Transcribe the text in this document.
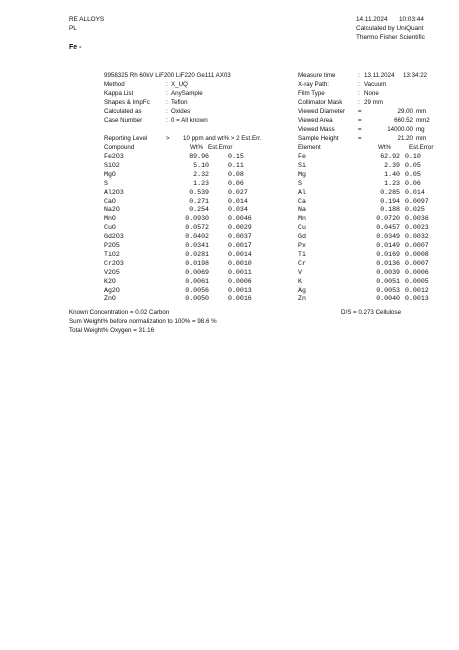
RE ALLOYS
PL
Fe -
14.11.2024 10:03:44
Calculated by UniQuant
Thermo Fisher Scientific
9958325 Rh 60kV LiF200 LiF220 Ge111 AX03
Method	: X_UQ
Kappa List	: AnySample
Shapes & ImpFc	: Teflon
Calculated as	: Oxides
Case Number	: 0 = All known
Measure time	: 13.11.2024 13:34:22
X-ray Path:	: Vacuum
Film Type	: None
Collimator Mask	: 29 mm
Viewed Diameter =	29.00 mm
Viewed Area	=	660.52 mm2
Viewed Mass	=	14000.00 mg
Sample Height	=	21.20 mm
Reporting Level	> 10 ppm and wt% > 2 Est.Err.
Compound	Wt% Est.Error	Element	Wt%	Est.Error
Fe2O3	89.96	0.15	Fe	62.92 0.10
SiO2	5.10	0.11	Si	2.39 0.05
MgO	2.32	0.08	Mg	1.40 0.05
S	1.23	0.06	S	1.23 0.06
Al2O3	0.539	0.027	Al	0.285 0.014
CaO	0.271	0.014	Ca	0.194 0.0097
Na2O	0.254	0.034	Na	0.188 0.025
MnO	0.0930	0.0046	Mn	0.0720 0.0036
CuO	0.0572	0.0029	Cu	0.0457 0.0023
Gd2O3	0.0402	0.0037	Gd	0.0349 0.0032
P2O5	0.0341	0.0017	Px	0.0149 0.0007
TiO2	0.0281	0.0014	Ti	0.0169 0.0008
Cr2O3	0.0198	0.0010	Cr	0.0136 0.0007
V2O5	0.0069	0.0011	V	0.0039 0.0006
K2O	0.0061	0.0006	K	0.0051 0.0005
Ag2O	0.0056	0.0013	Ag	0.0053 0.0012
ZnO	0.0050	0.0016	Zn	0.0040 0.0013
Known Concentration = 0.02 Carbon	D/S = 0.273 Cellulose
Sum Weight% before normalization to 100% = 98.6 %
Total Weight% Oxygen = 31.16
